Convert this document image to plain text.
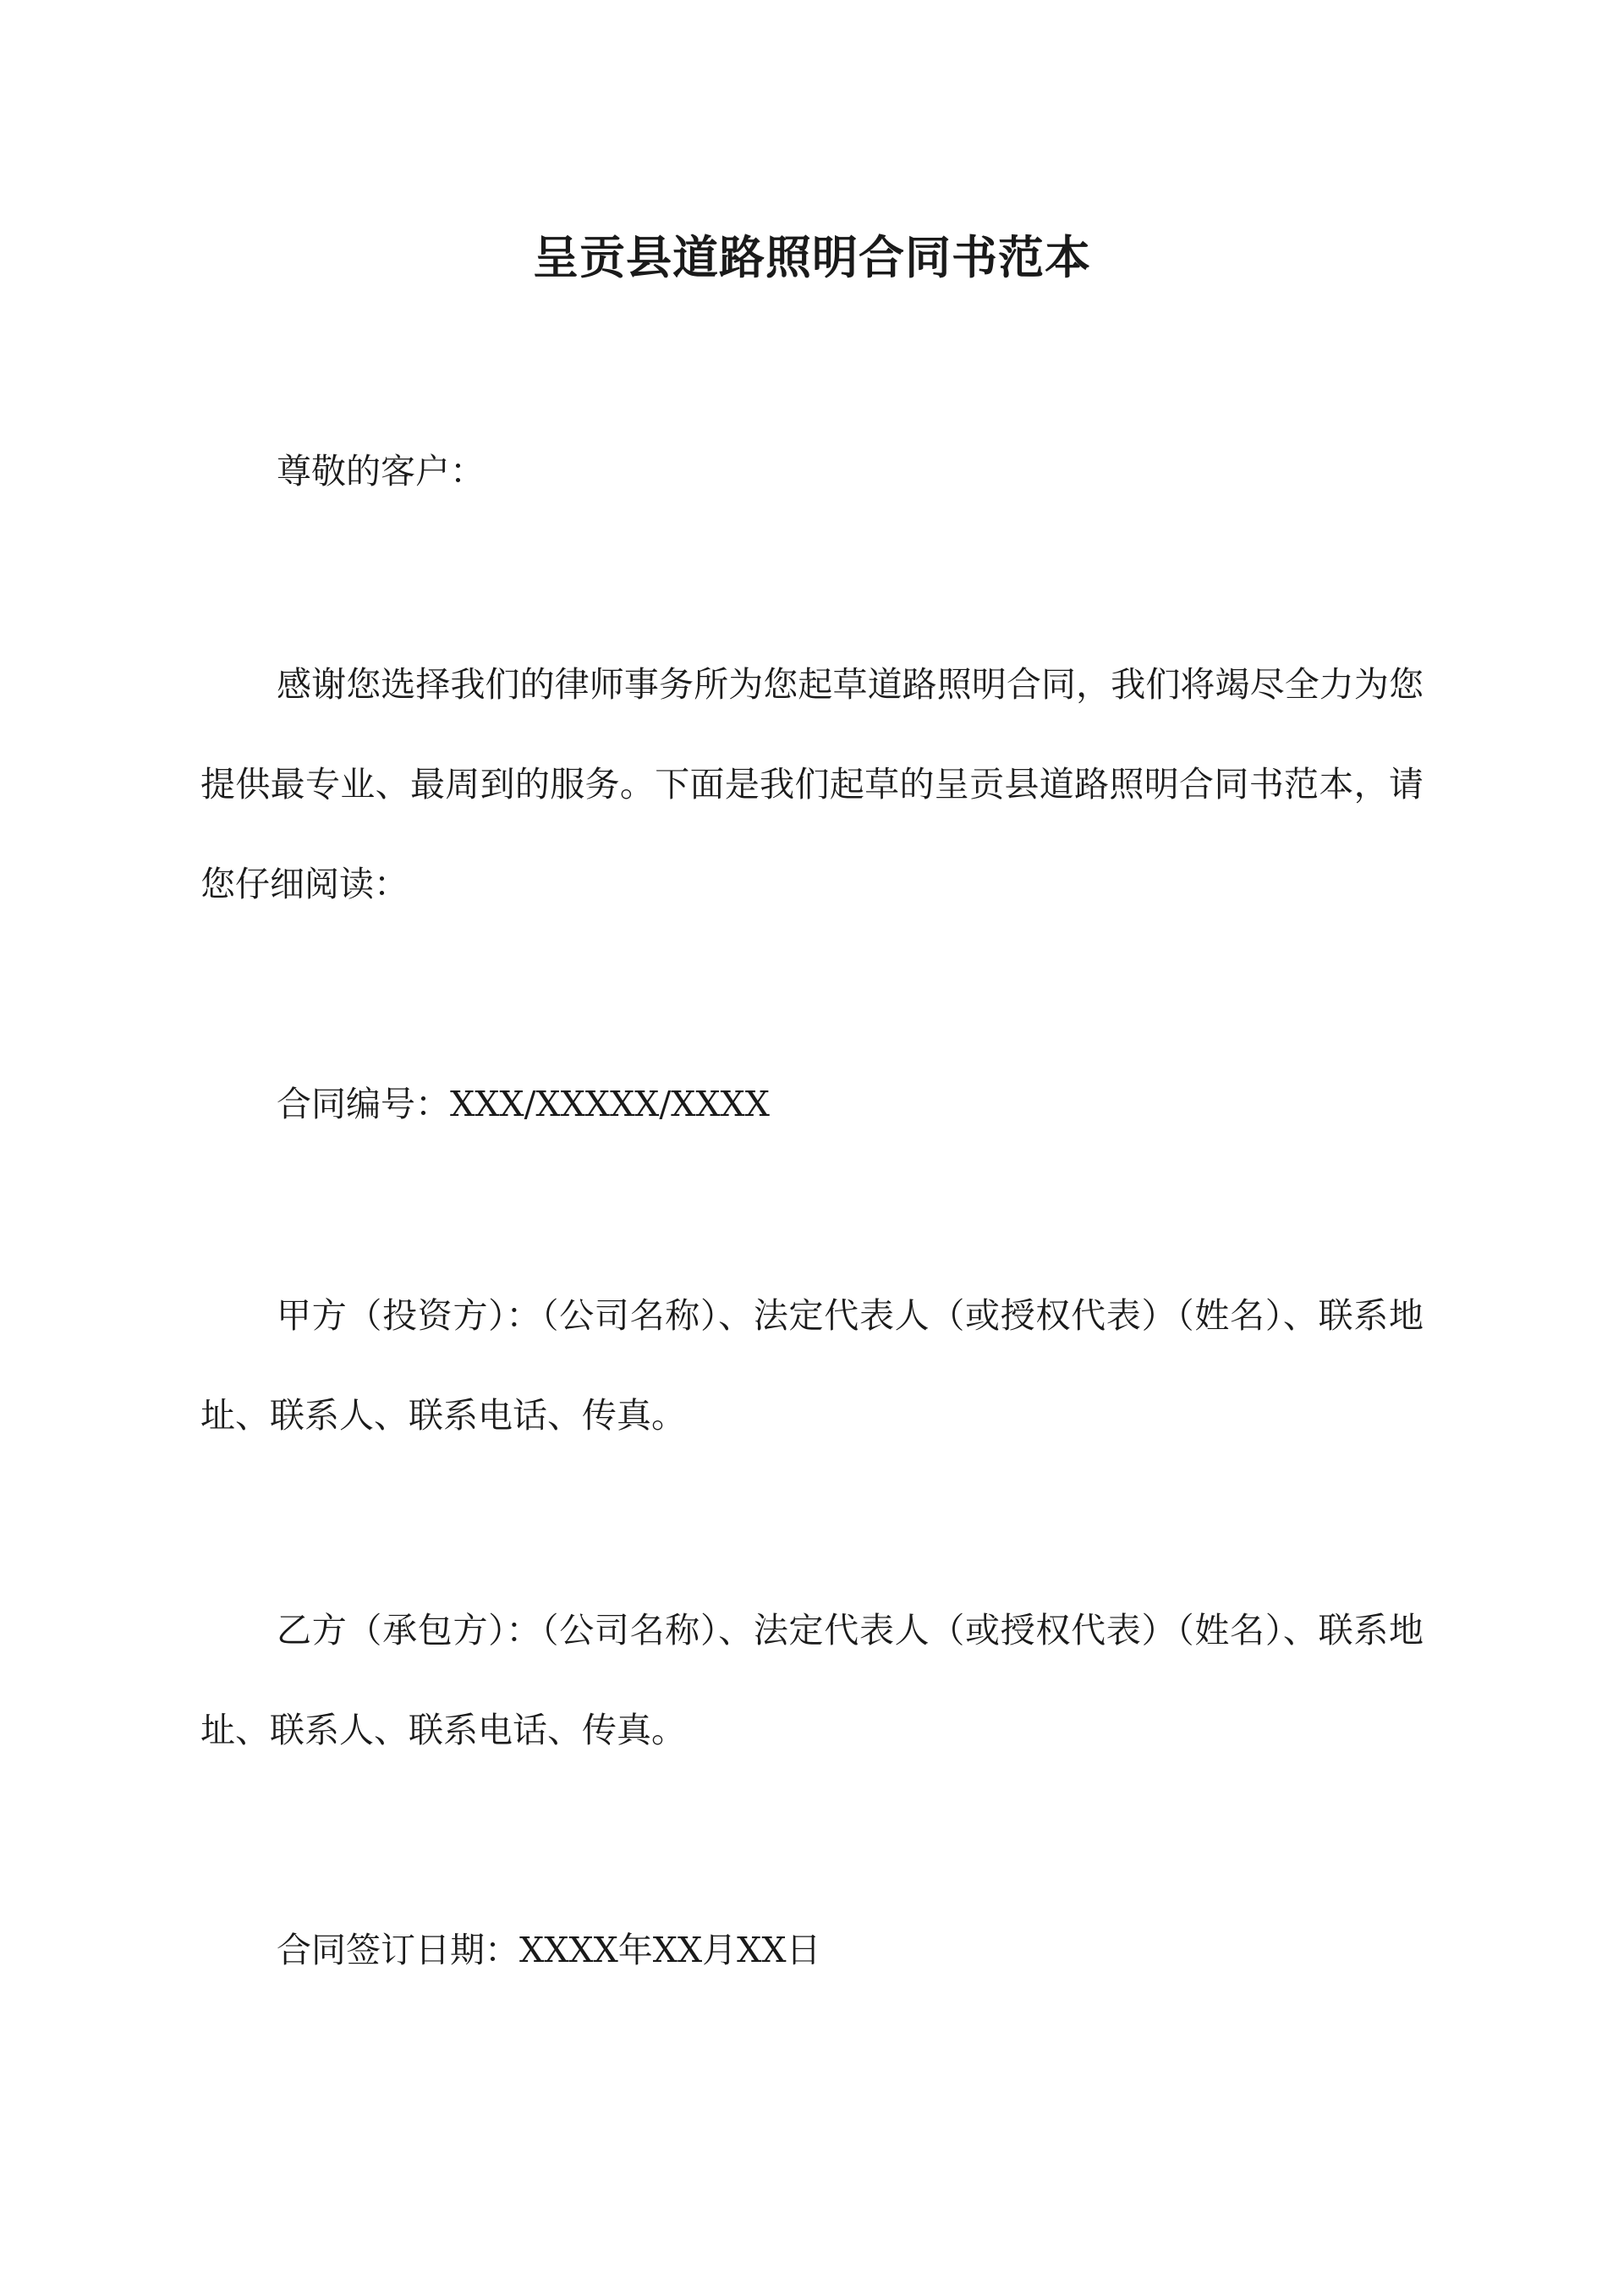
呈贡县道路照明合同书范本

尊敬的客户：

感谢您选择我们的律师事务所为您起草道路照明合同，我们将竭尽全力为您提供最专业、最周到的服务。下面是我们起草的呈贡县道路照明合同书范本，请您仔细阅读：

合同编号：XXX/XXXXX/XXXX

甲方（投资方）：（公司名称）、法定代表人（或授权代表）（姓名）、联系地址、联系人、联系电话、传真。

乙方（承包方）：（公司名称）、法定代表人（或授权代表）（姓名）、联系地址、联系人、联系电话、传真。

合同签订日期：XXXX年XX月XX日
